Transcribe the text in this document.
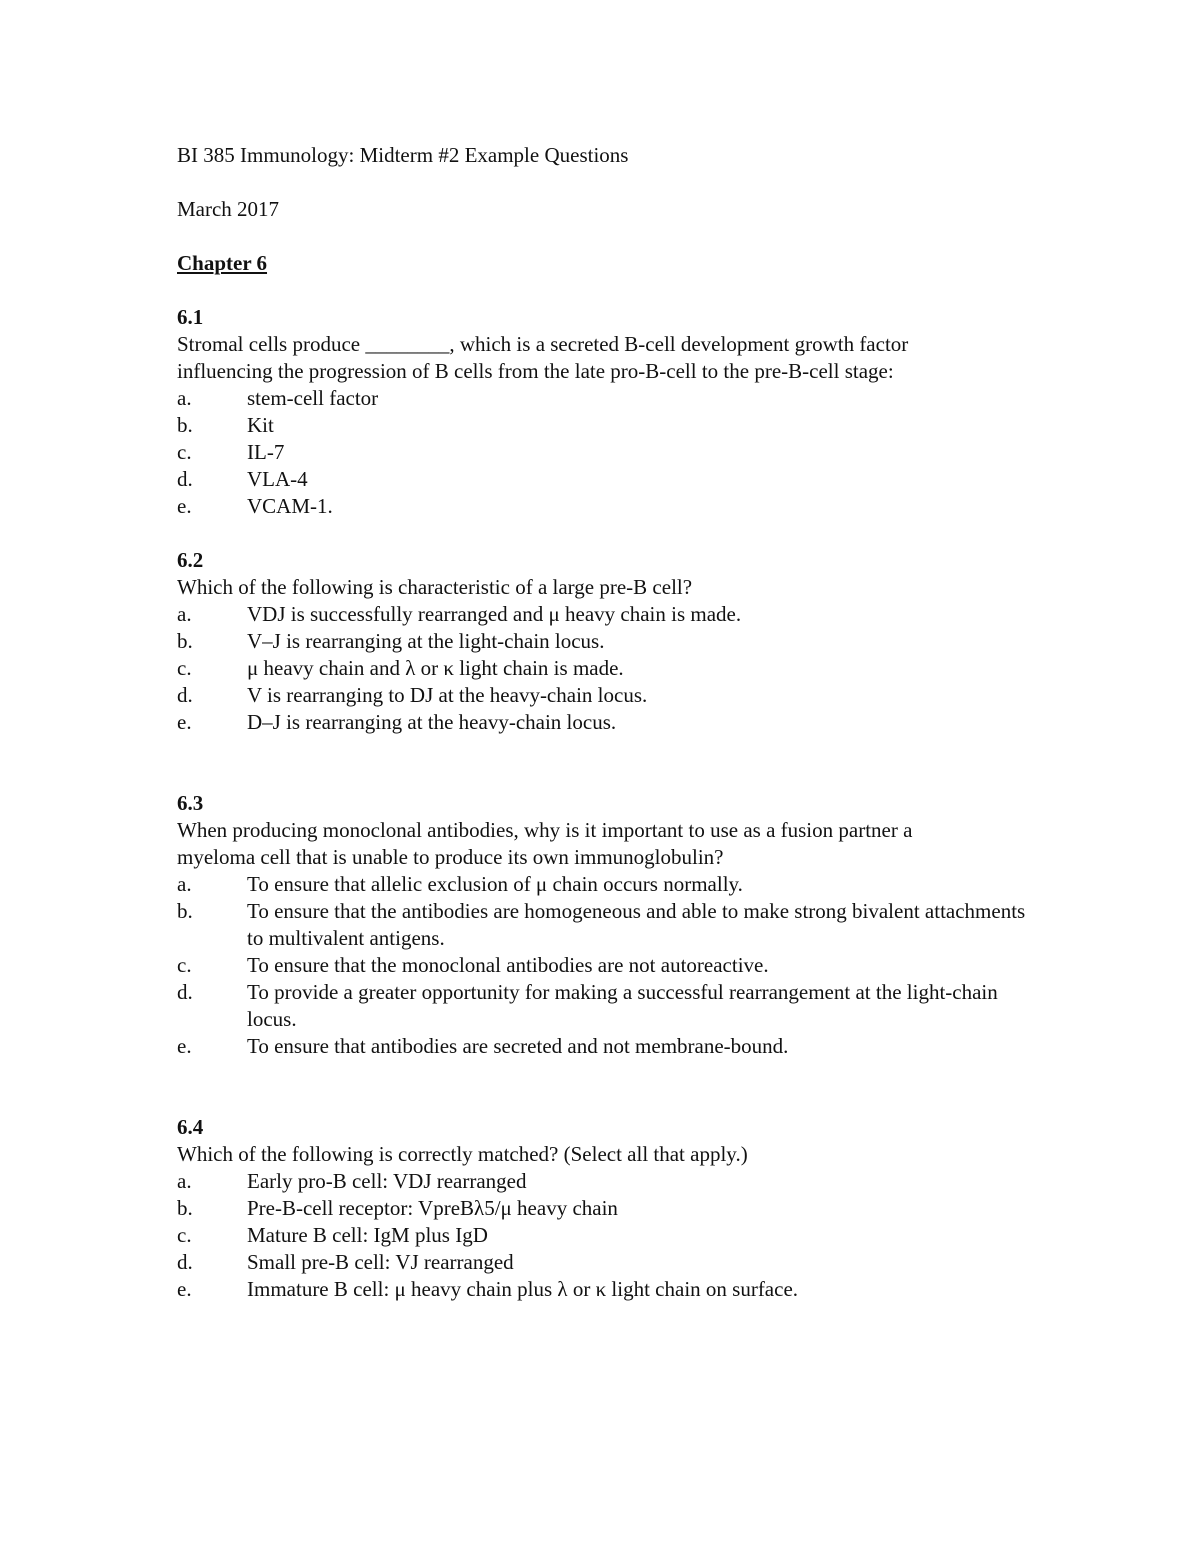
BI 385 Immunology: Midterm #2 Example Questions
March 2017
Chapter 6
6.1
Stromal cells produce ________, which is a secreted B-cell development growth factor
influencing the progression of B cells from the late pro-B-cell to the pre-B-cell stage:
a.	stem-cell factor
b.	Kit
c.	IL-7
d.	VLA-4
e.	VCAM-1.
6.2
Which of the following is characteristic of a large pre-B cell?
a.	VDJ is successfully rearranged and μ heavy chain is made.
b.	V–J is rearranging at the light-chain locus.
c.	μ heavy chain and λ or κ light chain is made.
d.	V is rearranging to DJ at the heavy-chain locus.
e.	D–J is rearranging at the heavy-chain locus.
6.3
When producing monoclonal antibodies, why is it important to use as a fusion partner a
myeloma cell that is unable to produce its own immunoglobulin?
a.	To ensure that allelic exclusion of μ chain occurs normally.
b.	To ensure that the antibodies are homogeneous and able to make strong bivalent attachments to multivalent antigens.
c.	To ensure that the monoclonal antibodies are not autoreactive.
d.	To provide a greater opportunity for making a successful rearrangement at the light-chain locus.
e.	To ensure that antibodies are secreted and not membrane-bound.
6.4
Which of the following is correctly matched? (Select all that apply.)
a.	Early pro-B cell: VDJ rearranged
b.	Pre-B-cell receptor: VpreBλ5/μ heavy chain
c.	Mature B cell: IgM plus IgD
d.	Small pre-B cell: VJ rearranged
e.	Immature B cell: μ heavy chain plus λ or κ light chain on surface.
